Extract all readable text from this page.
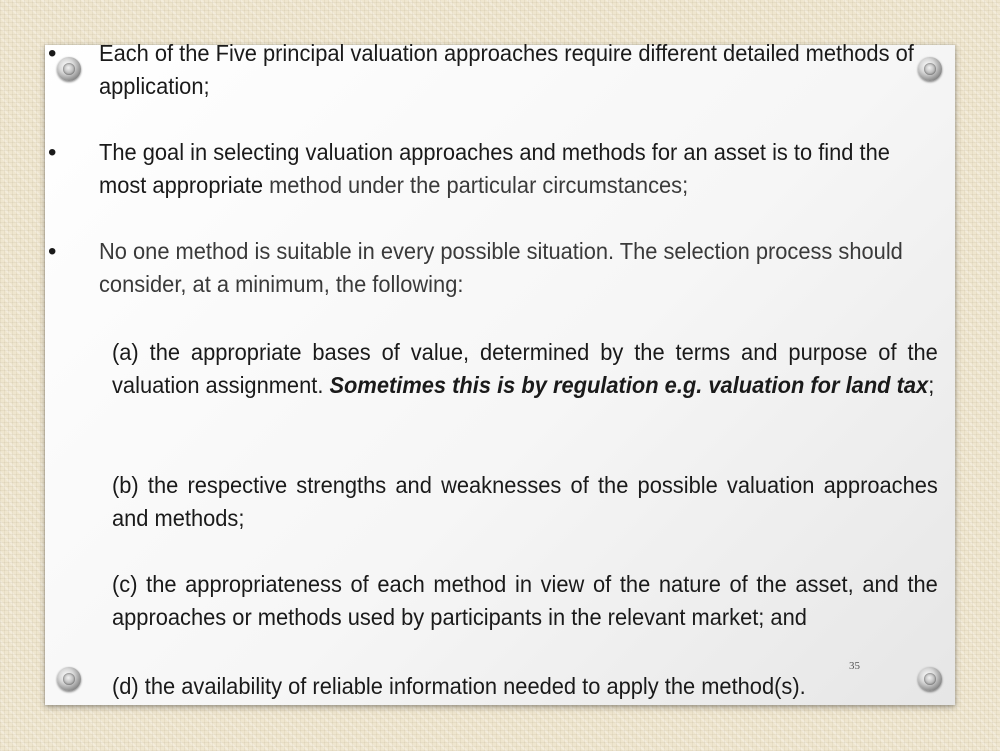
• Each of the Five principal valuation approaches require different detailed methods of application;
• The goal in selecting valuation approaches and methods for an asset is to find the most appropriate method under the particular circumstances;
• No one method is suitable in every possible situation. The selection process should consider, at a minimum, the following:
(a) the appropriate bases of value, determined by the terms and purpose of the valuation assignment. Sometimes this is by regulation e.g. valuation for land tax;
(b) the respective strengths and weaknesses of the possible valuation approaches and methods;
(c) the appropriateness of each method in view of the nature of the asset, and the approaches or methods used by participants in the relevant market; and
(d) the availability of reliable information needed to apply the method(s).
35
